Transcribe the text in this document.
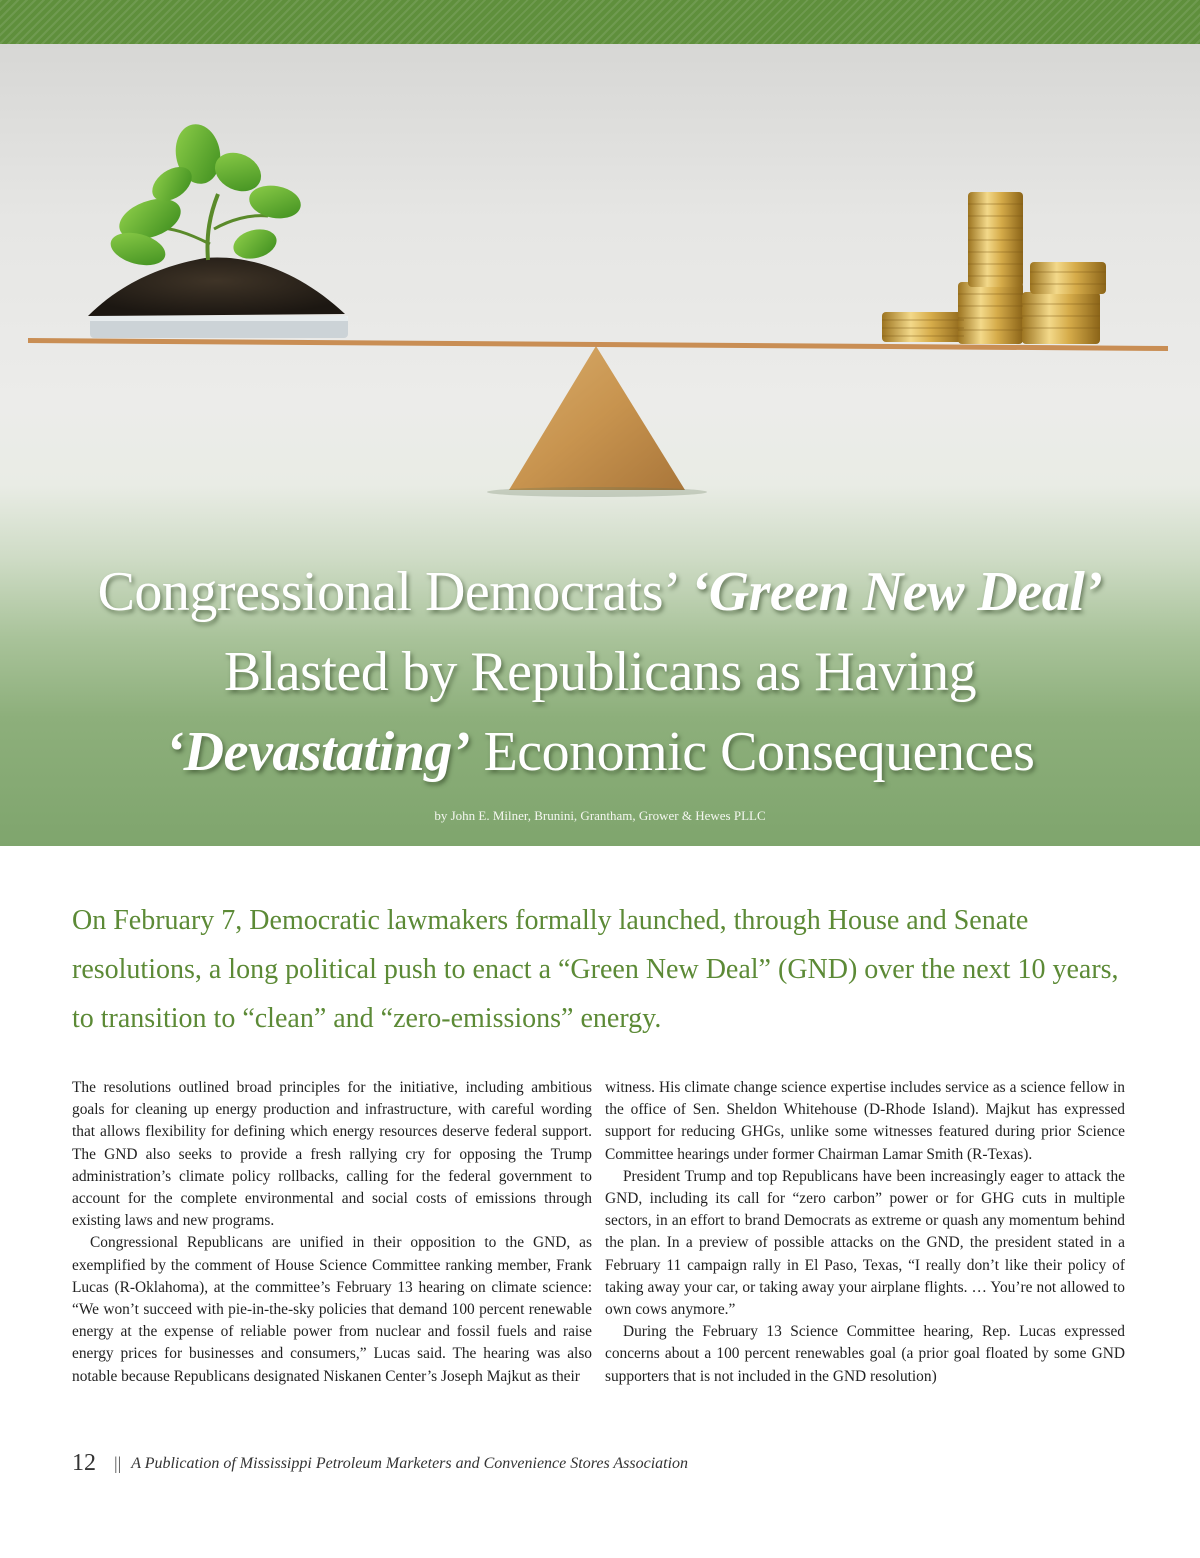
Congressional Democrats’ ‘Green New Deal’
Blasted by Republicans as Having
‘Devastating’ Economic Consequences
by John E. Milner, Brunini, Grantham, Grower & Hewes PLLC
On February 7, Democratic lawmakers formally launched, through House and Senate resolutions, a long political push to enact a “Green New Deal” (GND) over the next 10 years, to transition to “clean” and “zero-emissions” energy.

The resolutions outlined broad principles for the initiative, including ambitious goals for cleaning up energy production and infrastructure, with careful wording that allows flexibility for defining which energy resources deserve federal support. The GND also seeks to provide a fresh rallying cry for opposing the Trump administration’s climate policy rollbacks, calling for the federal government to account for the complete environmental and social costs of emissions through existing laws and new programs.

Congressional Republicans are unified in their opposition to the GND, as exemplified by the comment of House Science Committee ranking member, Frank Lucas (R-Oklahoma), at the committee’s February 13 hearing on climate science: “We won’t succeed with pie-in-the-sky policies that demand 100 percent renewable energy at the expense of reliable power from nuclear and fossil fuels and raise energy prices for businesses and consumers,” Lucas said. The hearing was also notable because Republicans designated Niskanen Center’s Joseph Majkut as their

witness. His climate change science expertise includes service as a science fellow in the office of Sen. Sheldon Whitehouse (D-Rhode Island). Majkut has expressed support for reducing GHGs, unlike some witnesses featured during prior Science Committee hearings under former Chairman Lamar Smith (R-Texas).

President Trump and top Republicans have been increasingly eager to attack the GND, including its call for “zero carbon” power or for GHG cuts in multiple sectors, in an effort to brand Democrats as extreme or quash any momentum behind the plan. In a preview of possible attacks on the GND, the president stated in a February 11 campaign rally in El Paso, Texas, “I really don’t like their policy of taking away your car, or taking away your airplane flights. … You’re not allowed to own cows anymore.”

During the February 13 Science Committee hearing, Rep. Lucas expressed concerns about a 100 percent renewables goal (a prior goal floated by some GND supporters that is not included in the GND resolution)

12 || A Publication of Mississippi Petroleum Marketers and Convenience Stores Association
